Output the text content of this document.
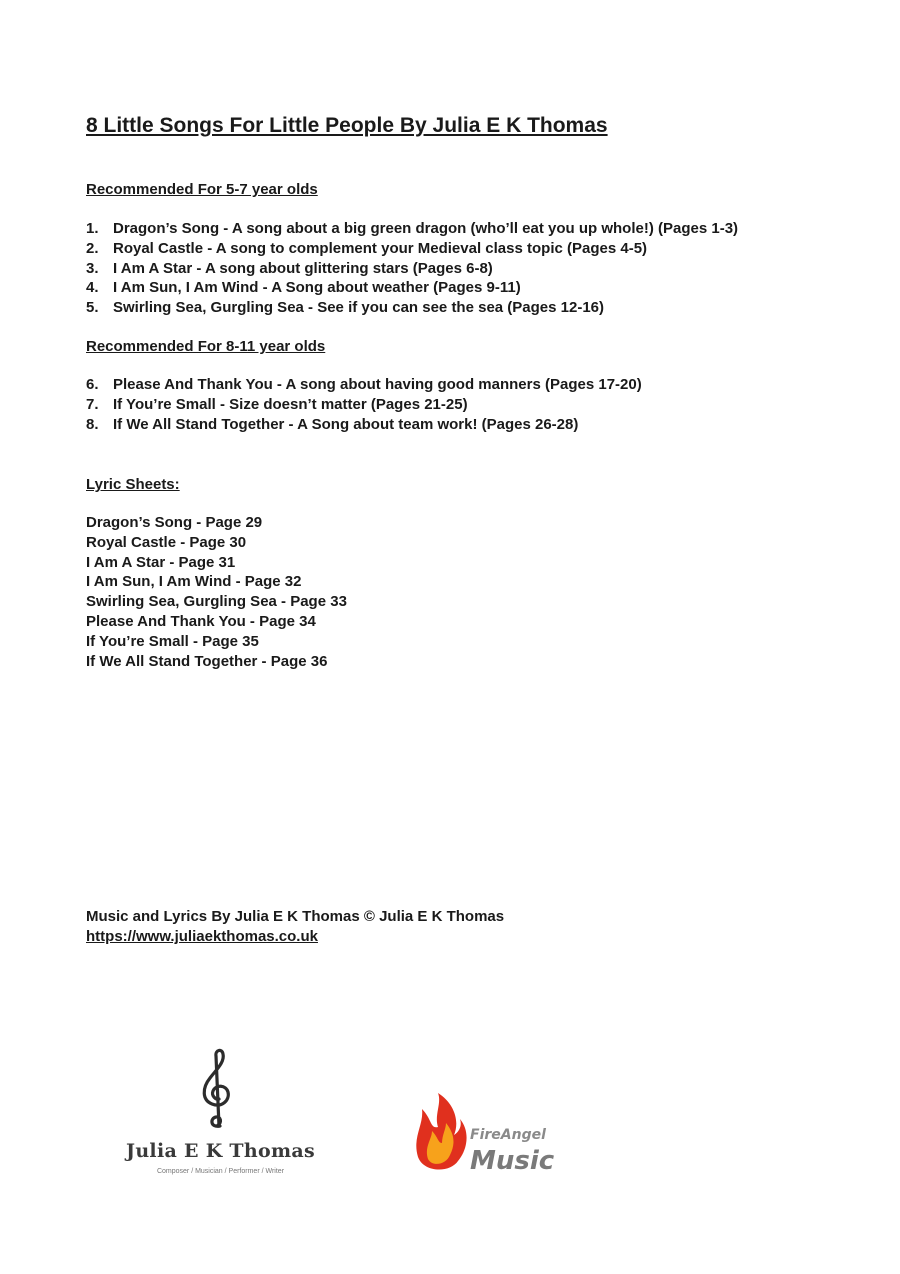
8 Little Songs For Little People By Julia E K Thomas
Recommended For 5-7 year olds
1. Dragon’s Song - A song about a big green dragon (who’ll eat you up whole!) (Pages 1-3)
2. Royal Castle - A song to complement your Medieval class topic (Pages 4-5)
3. I Am A Star - A song about glittering stars (Pages 6-8)
4. I Am Sun, I Am Wind - A Song about weather (Pages 9-11)
5. Swirling Sea, Gurgling Sea - See if you can see the sea (Pages 12-16)
Recommended For 8-11 year olds
6. Please And Thank You - A song about having good manners (Pages 17-20)
7. If You’re Small - Size doesn’t matter (Pages 21-25)
8. If We All Stand Together - A Song about team work! (Pages 26-28)
Lyric Sheets:
Dragon’s Song - Page 29
Royal Castle - Page 30
I Am A Star - Page 31
I Am Sun, I Am Wind - Page 32
Swirling Sea, Gurgling Sea - Page 33
Please And Thank You - Page 34
If You’re Small - Page 35
If We All Stand Together - Page 36
Music and Lyrics By Julia E K Thomas © Julia E K Thomas
https://www.juliaekthomas.co.uk
Julia E K Thomas
Composer / Musician / Performer / Writer
FireAngel
Music
